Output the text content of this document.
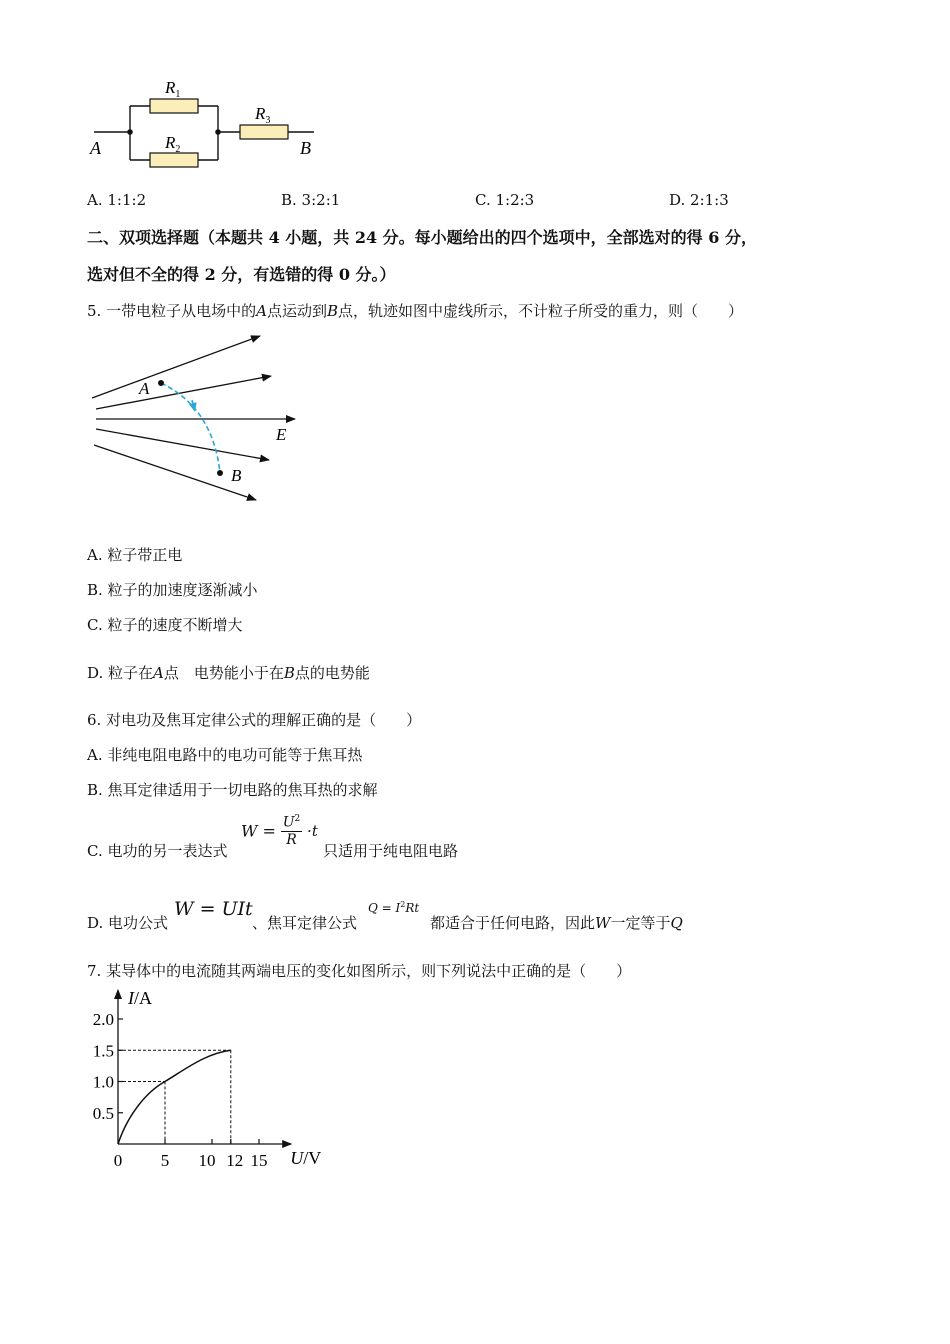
$R_1$
$R_2$
$R_3$
A	B
A. 1:1:2	B. 3:2:1	C. 1:2:3	D. 2:1:3
二、双项选择题（本题共 4 小题，共 24 分。每小题给出的四个选项中，全部选对的得 6 分，
选对但不全的得 2 分，有选错的得 0 分。）
5. 一带电粒子从电场中的A点运动到B点，轨迹如图中虚线所示，不计粒子所受的重力，则（　　）
A
B
E
A. 粒子带正电
B. 粒子的加速度逐渐减小
C. 粒子的速度不断增大
D. 粒子在A点　电势能小于在B点的电势能
6. 对电功及焦耳定律公式的理解正确的是（　　）
A. 非纯电阻电路中的电功可能等于焦耳热
B. 焦耳定律适用于一切电路的焦耳热的求解
C. 电功的另一表达式
$W = \frac{U^2}{R} \cdot t$
只适用于纯电阻电路
D. 电功公式
W = UIt
、焦耳定律公式
$Q = I^2Rt$
都适合于任何电路，因此W一定等于Q
7. 某导体中的电流随其两端电压的变化如图所示，则下列说法中正确的是（　　）
0.5
1.0
1.5
2.0
0 5 10 12 15
I/A
U/V
